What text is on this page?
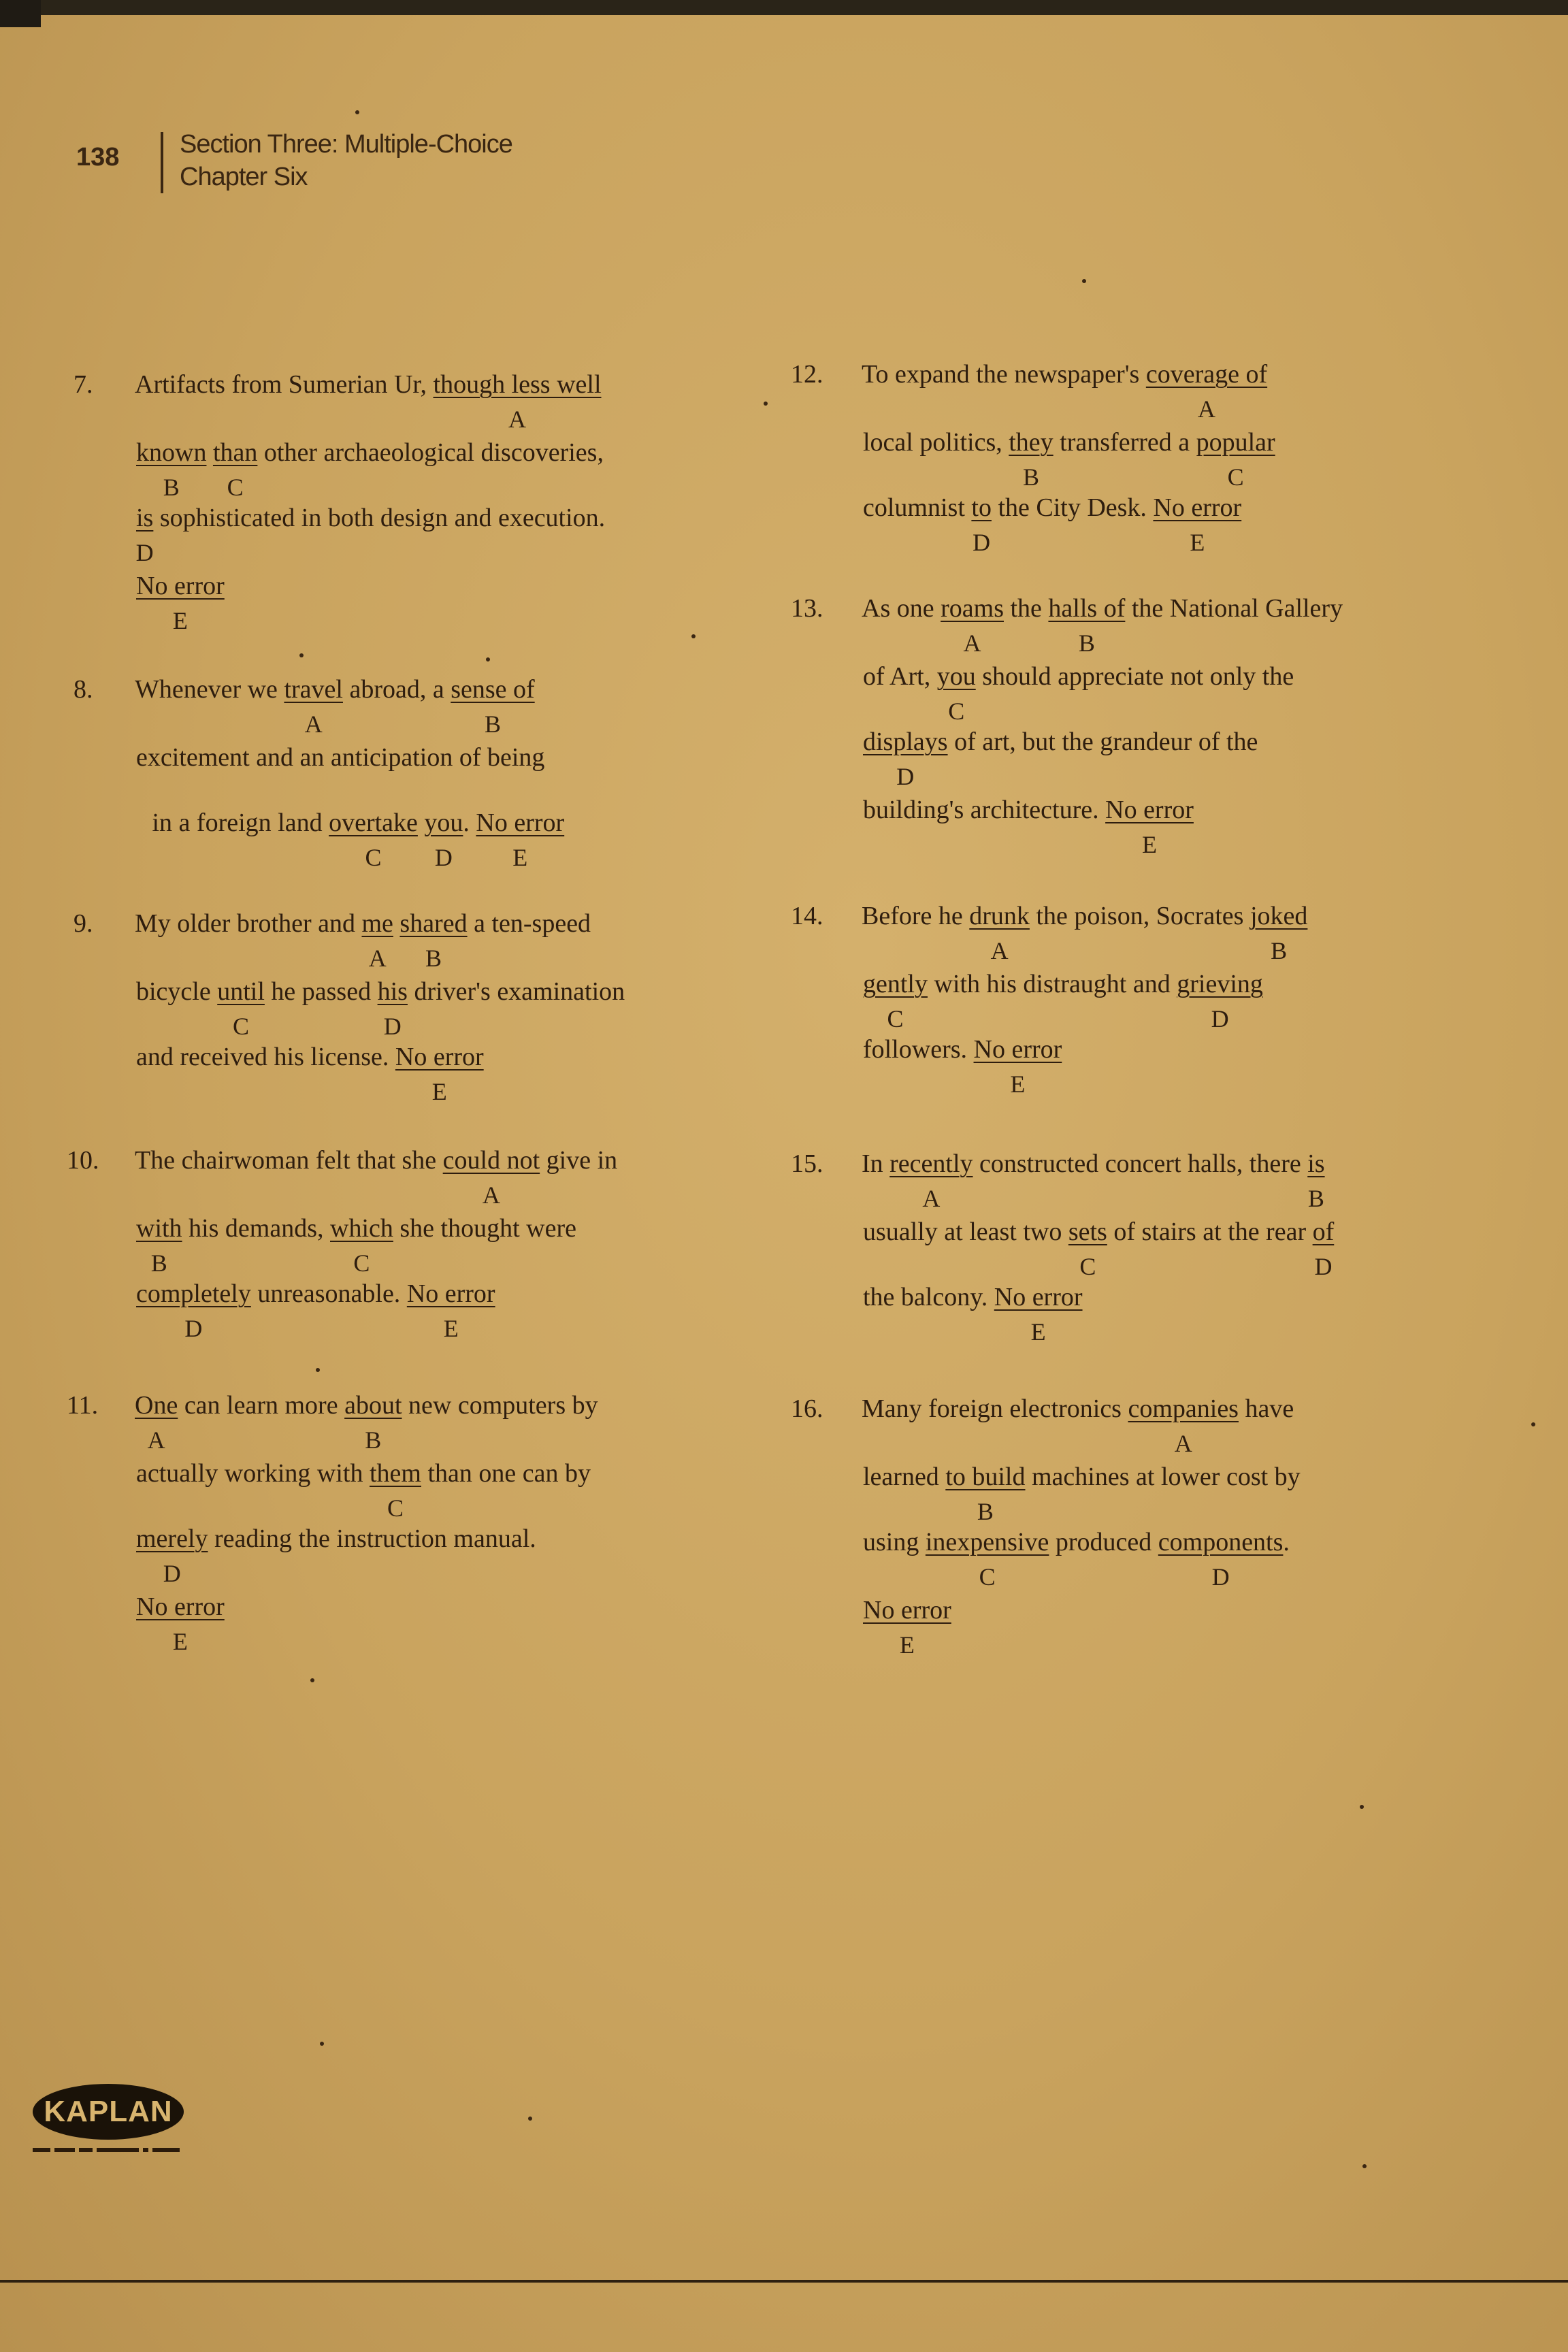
138 Section Three: Multiple-Choice
Chapter Six
7. Artifacts from Sumerian Ur, though less well
A
known
B
than
C
other archaeological discoveries,
is
D
sophisticated in both design and execution.
No error
E
8. Whenever we travel
A
abroad, a sense of
B
excitement and an anticipation of being
in a foreign land overtake
C
you
D
. No error
E
9. My older brother and me
A
shared
B
a ten-speed
bicycle until
C
he passed his
D
driver's examination
and received his license. No error
E
10. The chairwoman felt that she could not
A
give in
with
B
his demands, which
C
she thought were
completely
D
unreasonable. No error
E
11. One
A
can learn more about
B
new computers by
actually working with them
C
than one can by
merely
D
reading the instruction manual.
No error
E
12. To expand the newspaper's coverage of
A
local politics, they
B
transferred a popular
C
columnist to
D
the City Desk. No error
E
13. As one roams
A
the halls of
B
the National Gallery
of Art, you
C
should appreciate not only the
displays
D
of art, but the grandeur of the
building's architecture. No error
E
14. Before he drunk
A
the poison, Socrates joked
B
gently
C
with his distraught and grieving
D
followers. No error
E
15. In recently
A
constructed concert halls, there is
B
usually at least two sets
C
of stairs at the rear of
D
the balcony. No error
E
16. Many foreign electronics companies
A
have
learned to build
B
machines at lower cost by
using inexpensive
C
produced components
D
.
No error
E
KAPLAN
